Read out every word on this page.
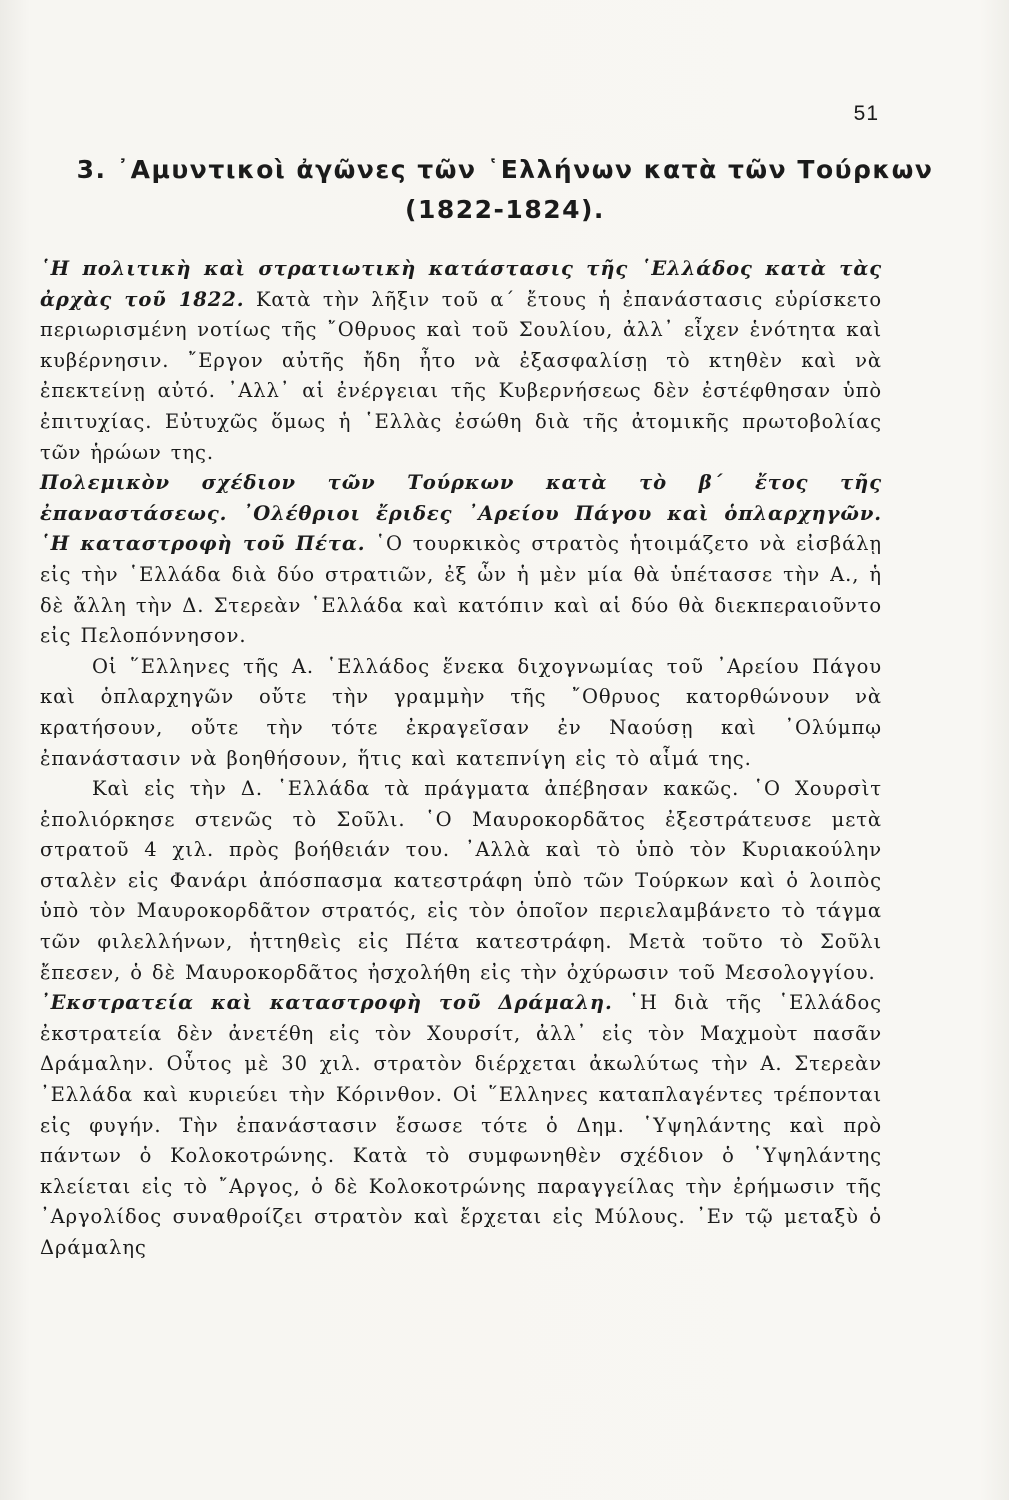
51
3. ᾽Αμυντικοὶ ἀγῶνες τῶν ῾Ελλήνων κατὰ τῶν Τούρκων (1822-1824).

῾Η πολιτικὴ καὶ στρατιωτικὴ κατάστασις τῆς ῾Ελλάδος κατὰ τὰς ἀρχὰς τοῦ 1822. Κατὰ τὴν λῆξιν τοῦ α΄ ἔτους ἡ ἐπανάστασις εὑρίσκετο περιωρισμένη νοτίως τῆς ῎Οθρυος καὶ τοῦ Σουλίου, ἀλλ᾽ εἶχεν ἑνότητα καὶ κυβέρνησιν. ῎Εργον αὐτῆς ἤδη ἦτο νὰ ἐξασφαλίσῃ τὸ κτηθὲν καὶ νὰ ἐπεκτείνῃ αὐτό. ᾽Αλλ᾽ αἱ ἐνέργειαι τῆς Κυβερνήσεως δὲν ἐστέφθησαν ὑπὸ ἐπιτυχίας. Εὐτυχῶς ὅμως ἡ ῾Ελλὰς ἐσώθη διὰ τῆς ἀτομικῆς πρωτοβολίας τῶν ἡρώων της.

Πολεμικὸν σχέδιον τῶν Τούρκων κατὰ τὸ β΄ ἔτος τῆς ἐπαναστάσεως. ᾽Ολέθριοι ἔριδες ᾽Αρείου Πάγου καὶ ὁπλαρχηγῶν. ῾Η καταστροφὴ τοῦ Πέτα. ῾Ο τουρκικὸς στρατὸς ἡτοιμάζετο νὰ εἰσβάλῃ εἰς τὴν ῾Ελλάδα διὰ δύο στρατιῶν, ἐξ ὧν ἡ μὲν μία θὰ ὑπέτασσε τὴν Α., ἡ δὲ ἄλλη τὴν Δ. Στερεὰν ῾Ελλάδα καὶ κατόπιν καὶ αἱ δύο θὰ διεκπεραιοῦντο εἰς Πελοπόννησον.

Οἱ ῞Ελληνες τῆς Α. ῾Ελλάδος ἕνεκα διχογνωμίας τοῦ ᾽Αρείου Πάγου καὶ ὁπλαρχηγῶν οὔτε τὴν γραμμὴν τῆς ῎Οθρυος κατορθώνουν νὰ κρατήσουν, οὔτε τὴν τότε ἐκραγεῖσαν ἐν Ναούσῃ καὶ ᾽Ολύμπῳ ἐπανάστασιν νὰ βοηθήσουν, ἥτις καὶ κατεπνίγη εἰς τὸ αἷμά της.

Καὶ εἰς τὴν Δ. ῾Ελλάδα τὰ πράγματα ἀπέβησαν κακῶς. ῾Ο Χουρσὶτ ἐπολιόρκησε στενῶς τὸ Σοῦλι. ῾Ο Μαυροκορδᾶτος ἐξεστράτευσε μετὰ στρατοῦ 4 χιλ. πρὸς βοήθειάν του. ᾽Αλλὰ καὶ τὸ ὑπὸ τὸν Κυριακούλην σταλὲν εἰς Φανάρι ἀπόσπασμα κατεστράφη ὑπὸ τῶν Τούρκων καὶ ὁ λοιπὸς ὑπὸ τὸν Μαυροκορδᾶτον στρατός, εἰς τὸν ὁποῖον περιελαμβάνετο τὸ τάγμα τῶν φιλελλήνων, ἡττηθεὶς εἰς Πέτα κατεστράφη. Μετὰ τοῦτο τὸ Σοῦλι ἔπεσεν, ὁ δὲ Μαυροκορδᾶτος ἠσχολήθη εἰς τὴν ὀχύρωσιν τοῦ Μεσολογγίου.

᾽Εκστρατεία καὶ καταστροφὴ τοῦ Δράμαλη. ῾Η διὰ τῆς ῾Ελλάδος ἐκστρατεία δὲν ἀνετέθη εἰς τὸν Χουρσίτ, ἀλλ᾽ εἰς τὸν Μαχμοὺτ πασᾶν Δράμαλην. Οὗτος μὲ 30 χιλ. στρατὸν διέρχεται ἀκωλύτως τὴν Α. Στερεὰν ᾽Ελλάδα καὶ κυριεύει τὴν Κόρινθον. Οἱ ῞Ελληνες καταπλαγέντες τρέπονται εἰς φυγήν. Τὴν ἐπανάστασιν ἔσωσε τότε ὁ Δημ. ῾Υψηλάντης καὶ πρὸ πάντων ὁ Κολοκοτρώνης. Κατὰ τὸ συμφωνηθὲν σχέδιον ὁ ῾Υψηλάντης κλείεται εἰς τὸ ῎Αργος, ὁ δὲ Κολοκοτρώνης παραγγείλας τὴν ἐρήμωσιν τῆς ᾽Αργολίδος συναθροίζει στρατὸν καὶ ἔρχεται εἰς Μύλους. ᾽Εν τῷ μεταξὺ ὁ Δράμαλης
